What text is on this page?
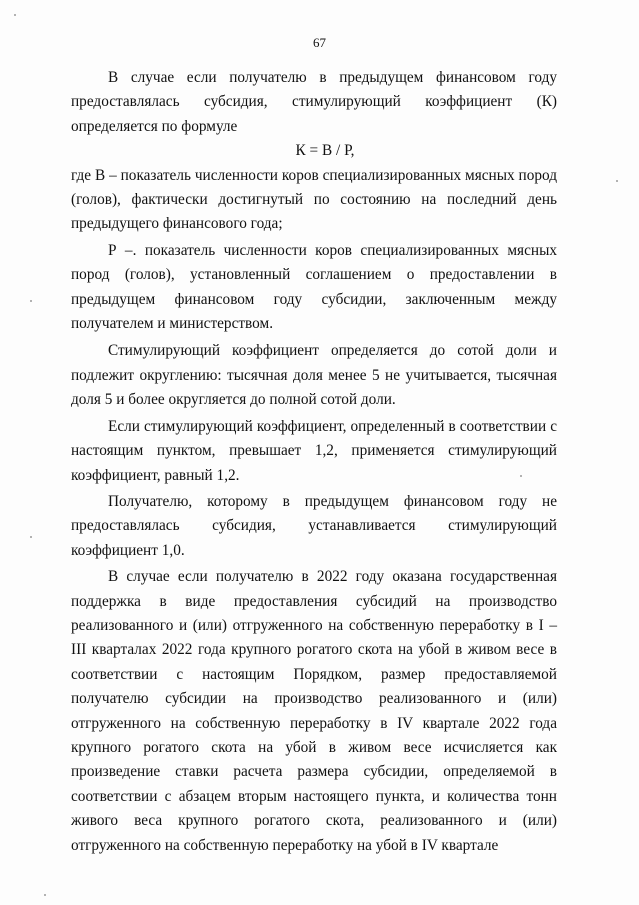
67

В случае если получателю в предыдущем финансовом году предоставлялась субсидия, стимулирующий коэффициент (К) определяется по формуле

К = В / Р,

где В – показатель численности коров специализированных мясных пород (голов), фактически достигнутый по состоянию на последний день предыдущего финансового года;

Р –. показатель численности коров специализированных мясных пород (голов), установленный соглашением о предоставлении в предыдущем финансовом году субсидии, заключенным между получателем и министерством.

Стимулирующий коэффициент определяется до сотой доли и подлежит округлению: тысячная доля менее 5 не учитывается, тысячная доля 5 и более округляется до полной сотой доли.

Если стимулирующий коэффициент, определенный в соответствии с настоящим пунктом, превышает 1,2, применяется стимулирующий коэффициент, равный 1,2.

Получателю, которому в предыдущем финансовом году не предоставлялась субсидия, устанавливается стимулирующий коэффициент 1,0.

В случае если получателю в 2022 году оказана государственная поддержка в виде предоставления субсидий на производство реализованного и (или) отгруженного на собственную переработку в I – III кварталах 2022 года крупного рогатого скота на убой в живом весе в соответствии с настоящим Порядком, размер предоставляемой получателю субсидии на производство реализованного и (или) отгруженного на собственную переработку в IV квартале 2022 года крупного рогатого скота на убой в живом весе исчисляется как произведение ставки расчета размера субсидии, определяемой в соответствии с абзацем вторым настоящего пункта, и количества тонн живого веса крупного рогатого скота, реализованного и (или) отгруженного на собственную переработку на убой в IV квартале
